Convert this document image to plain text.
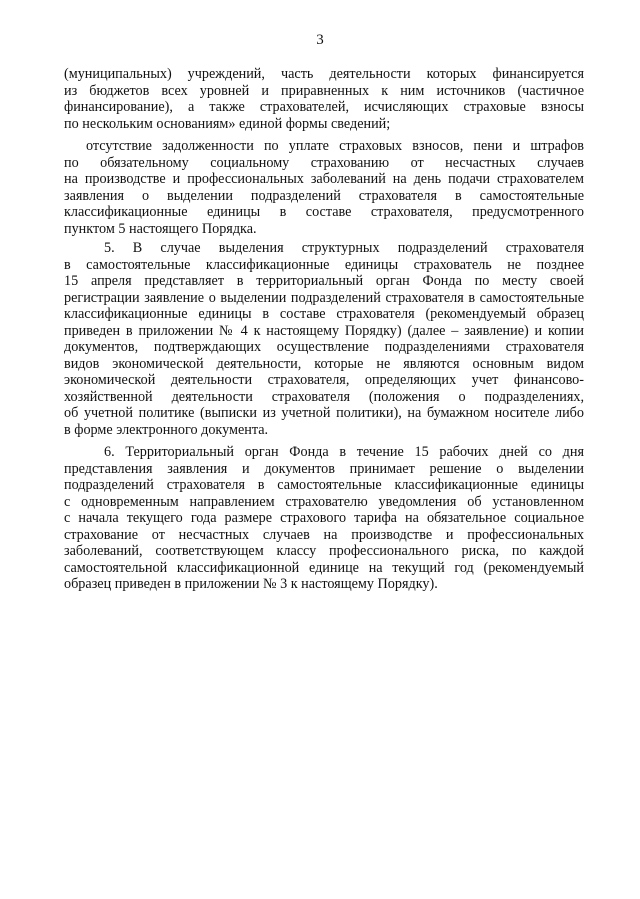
3
(муниципальных) учреждений, часть деятельности которых финансируется
из бюджетов всех уровней и приравненных к ним источников (частичное
финансирование), а также страхователей, исчисляющих страховые взносы
по нескольким основаниям» единой формы сведений;
отсутствие задолженности по уплате страховых взносов, пени и штрафов
по обязательному социальному страхованию от несчастных случаев
на производстве и профессиональных заболеваний на день подачи страхователем
заявления о выделении подразделений страхователя в самостоятельные
классификационные единицы в составе страхователя, предусмотренного
пунктом 5 настоящего Порядка.
5. В случае выделения структурных подразделений страхователя
в самостоятельные классификационные единицы страхователь не позднее
15 апреля представляет в территориальный орган Фонда по месту своей
регистрации заявление о выделении подразделений страхователя в самостоятельные
классификационные единицы в составе страхователя (рекомендуемый образец
приведен в приложении № 4 к настоящему Порядку) (далее – заявление) и копии
документов, подтверждающих осуществление подразделениями страхователя
видов экономической деятельности, которые не являются основным видом
экономической деятельности страхователя, определяющих учет финансово-
хозяйственной деятельности страхователя (положения о подразделениях,
об учетной политике (выписки из учетной политики), на бумажном носителе либо
в форме электронного документа.
6. Территориальный орган Фонда в течение 15 рабочих дней со дня
представления заявления и документов принимает решение о выделении
подразделений страхователя в самостоятельные классификационные единицы
с одновременным направлением страхователю уведомления об установленном
с начала текущего года размере страхового тарифа на обязательное социальное
страхование от несчастных случаев на производстве и профессиональных
заболеваний, соответствующем классу профессионального риска, по каждой
самостоятельной классификационной единице на текущий год (рекомендуемый
образец приведен в приложении № 3 к настоящему Порядку).
